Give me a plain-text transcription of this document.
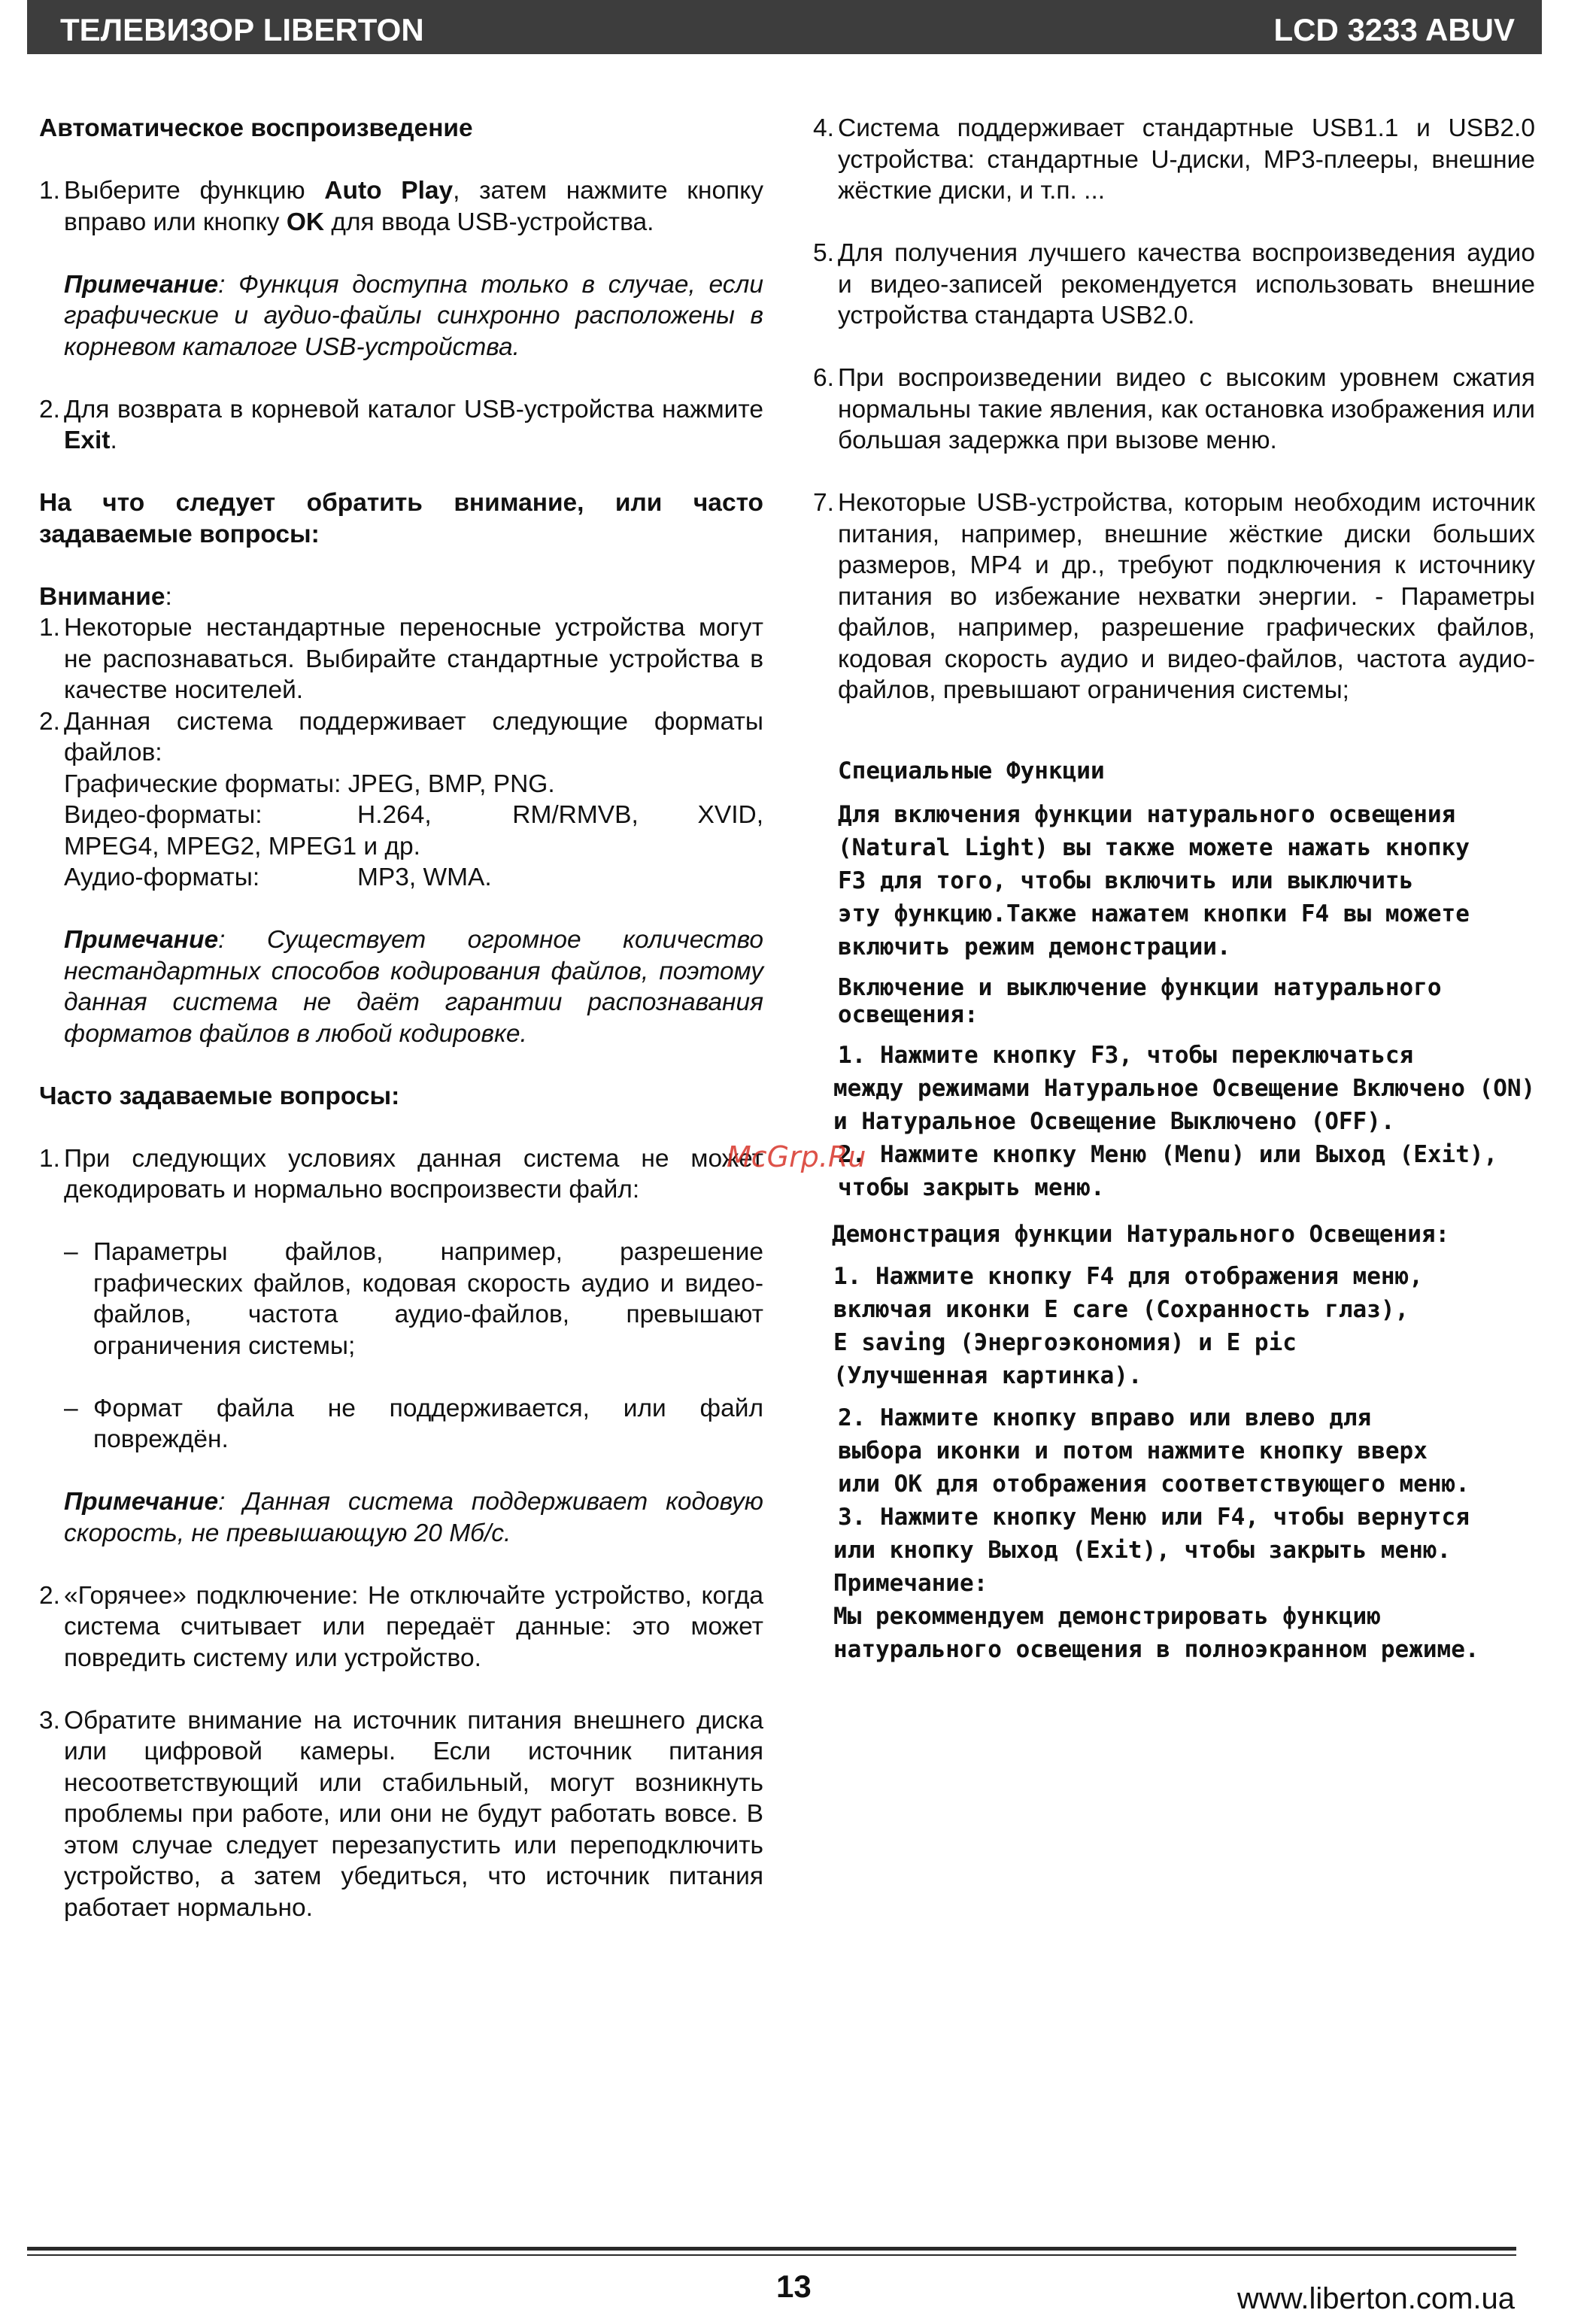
ТЕЛЕВИЗОР LIBERTON	LCD 3233 ABUV

Автоматическое воспроизведение

1. Выберите функцию Auto Play, затем нажмите кнопку вправо или кнопку OK для ввода USB-устройства.

Примечание: Функция доступна только в случае, если графические и аудио-файлы синхронно расположены в корневом каталоге USB-устройства.

2. Для возврата в корневой каталог USB-устройства нажмите Exit.

На что следует обратить внимание, или часто задаваемые вопросы:

Внимание:

1. Некоторые нестандартные переносные устройства могут не распознаваться. Выбирайте стандартные устройства в качестве носителей.
2. Данная система поддерживает следующие форматы файлов:

Графические форматы: JPEG, BMP, PNG.

Видео-форматы:	H.264,	RM/RMVB,	XVID,

MPEG4, MPEG2, MPEG1 и др.

Аудио-форматы:	MP3, WMA.

Примечание: Существует огромное количество нестандартных способов кодирования файлов, поэтому данная система не даёт гарантии распознавания форматов файлов в любой кодировке.

Часто задаваемые вопросы:

1. При следующих условиях данная система не может декодировать и нормально воспроизвести файл:
– Параметры файлов, например, разрешение графических файлов, кодовая скорость аудио и видео-файлов, частота аудио-файлов, превышают ограничения системы;
– Формат файла не поддерживается, или файл повреждён.

Примечание: Данная система поддерживает кодовую скорость, не превышающую 20 Мб/с.

2. «Горячее» подключение: Не отключайте устройство, когда система считывает или передаёт данные: это может повредить систему или устройство.
3. Обратите внимание на источник питания внешнего диска или цифровой камеры. Если источник питания несоответствующий или стабильный, могут возникнуть проблемы при работе, или они не будут работать вовсе. В этом случае следует перезапустить или переподключить устройство, а затем убедиться, что источник питания работает нормально.
4. Система поддерживает стандартные USB1.1 и USB2.0 устройства: стандартные U-диски, MP3-плееры, внешние жёсткие диски, и т.п. ...
5. Для получения лучшего качества воспроизведения аудио и видео-записей рекомендуется использовать внешние устройства стандарта USB2.0.
6. При воспроизведении видео с высоким уровнем сжатия нормальны такие явления, как остановка изображения или большая задержка при вызове меню.
7. Некоторые USB-устройства, которым необходим источник питания, например, внешние жёсткие диски больших размеров, MP4 и др., требуют подключения к источнику питания во избежание нехватки энергии. - Параметры файлов, например, разрешение графических файлов, кодовая скорость аудио и видео-файлов, частота аудио-файлов, превышают ограничения системы;

Специальные Функции

Для включения функции натурального освещения

(Natural Light) вы также можете нажать кнопку

F3 для того, чтобы включить или выключить

эту функцию.Также нажатем кнопки F4 вы можете

включить режим демонстрации.

Включение и выключение функции натурального

освещения:

1. Нажмите кнопку F3, чтобы переключаться

между режимами Натуральное Освещение Включено (ON)

и Натуральное Освещение Выключено (OFF).

2. Нажмите кнопку Меню (Menu) или Выход (Exit),

чтобы закрыть меню.

Демонстрация функции Натурального Освещения:

1. Нажмите кнопку F4 для отображения меню,

включая иконки E care (Сохранность глаз),

E saving (Энергоэкономия) и E pic

(Улучшенная картинка).

2. Нажмите кнопку вправо или влево для

выбора иконки и потом нажмите кнопку вверх

или OK для отображения соответствующего меню.

3. Нажмите кнопку Меню или F4, чтобы вернутся

или кнопку Выход (Exit), чтобы закрыть меню.

Примечание:

Мы рекоммендуем демонстрировать функцию

натурального освещения в полноэкранном режиме.

McGrp.Ru
13	www.liberton.com.ua
